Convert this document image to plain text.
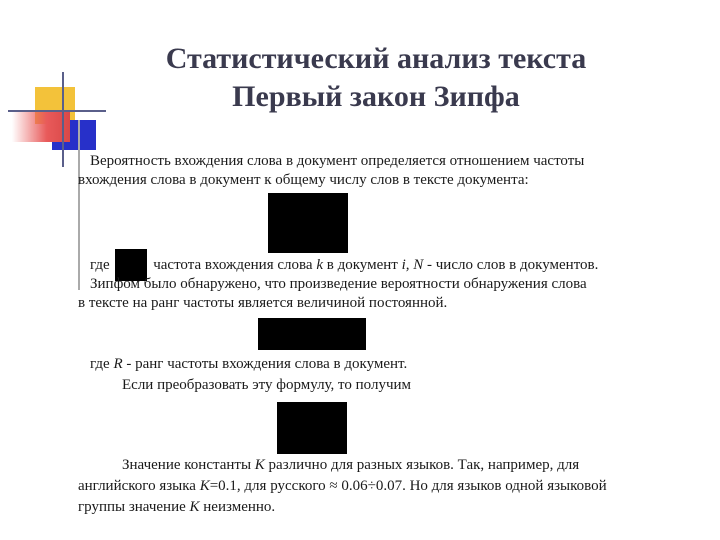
Статистический анализ текста
Первый закон Зипфа
Вероятность вхождения слова в документ определяется отношением частоты
вхождения слова в документ к общему числу слов в тексте документа:
где	частота вхождения слова k в документ i, N - число слов в документов.
Зипфом было обнаружено, что произведение вероятности обнаружения слова
в тексте на ранг частоты является величиной постоянной.
где R - ранг частоты вхождения слова в документ.
Если преобразовать эту формулу, то получим
Значение константы K различно для разных языков. Так, например, для
английского языка K=0.1, для русского ≈ 0.06÷0.07. Но для языков одной языковой
группы значение K неизменно.
